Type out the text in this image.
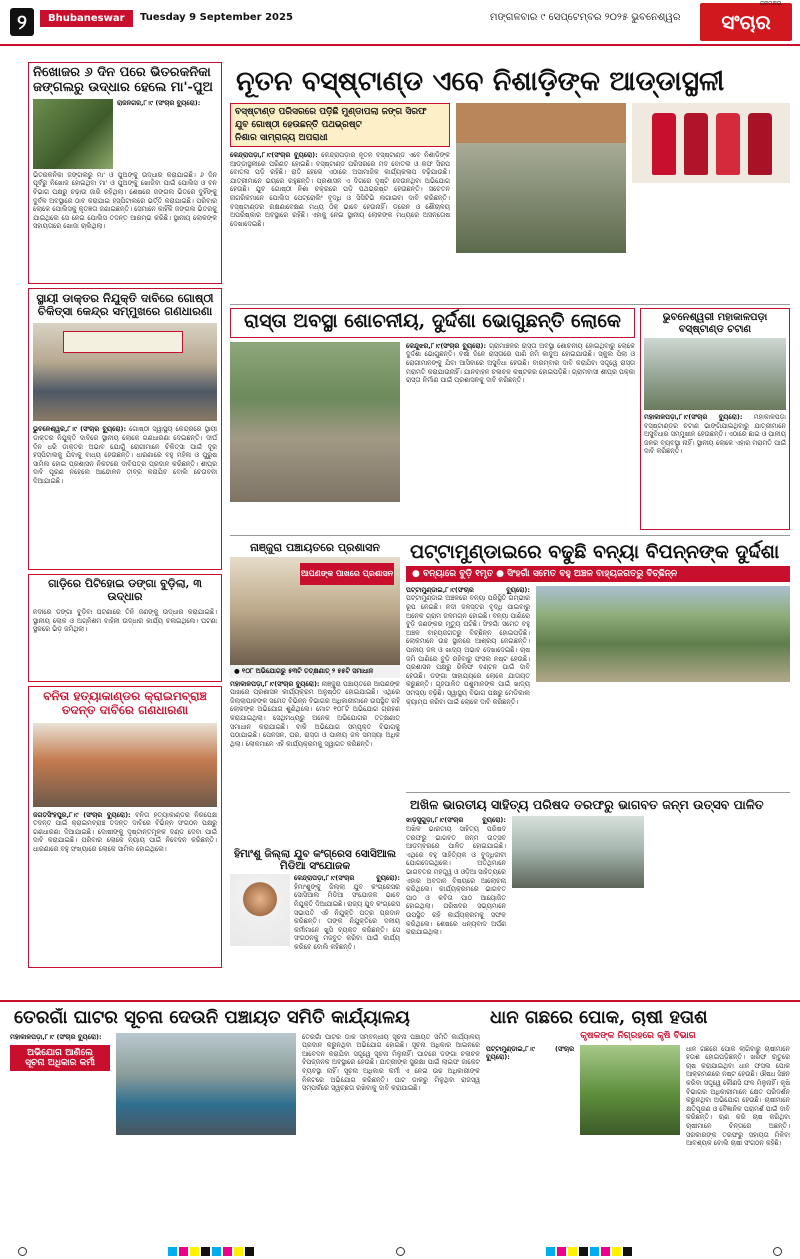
୨	Bhubaneswar	Tuesday 9 September 2025	ମଙ୍ଗଳବାର ୯ ସେପ୍ଟେମ୍ବର ୨୦୨୫ ଭୁବନେଶ୍ୱର	ସଂଚାର
ଜନମନର
ନିଖୋଜର ୬ ଦିନ ପରେ ଭିତରକନିକା ଜଙ୍ଗଲରୁ ଉଦ୍ଧାର ହେଲେ ମା'-ପୁଅ
ରାଜନଗର,୮।୯ (ସଂଚାର ବ୍ୟୁରୋ):
ଭିତରକନିକା ଜଙ୍ଗଲରୁ ମା' ଓ ପୁଅଙ୍କୁ ଉଦ୍ଧାର କରାଯାଇଛି। ୬ ଦିନ ପୂର୍ବରୁ ନିଖୋଜ ହୋଇଥିବା ମା' ଓ ପୁଅଙ୍କୁ ଖୋଜିବା ପାଇଁ ପୋଲିସ ଓ ବନ ବିଭାଗ ପକ୍ଷରୁ ଚଢ଼ାଉ ଜାରି ରହିଥିଲା। ଶେଷରେ ଜଙ୍ଗଲ ଭିତରେ ଦୁହିଁଙ୍କୁ ଦୁର୍ବଳ ଅବସ୍ଥାରେ ଠାବ କରାଯାଇ ହସ୍ପିଟାଲରେ ଭର୍ତ୍ତି କରାଯାଇଛି। ପରିବାର ଲୋକେ ପୋଲିସକୁ କୃତଜ୍ଞତା ଜଣାଇଛନ୍ତି। ସେମାନେ କାହିଁକି ଜଙ୍ଗଲ ଭିତରକୁ ଯାଇଥିଲେ ସେ ନେଇ ପୋଲିସ ତଦନ୍ତ ଆରମ୍ଭ କରିଛି। ସ୍ଥାନୀୟ ଲୋକଙ୍କ ସହାୟତାରେ ଖୋଜା ଚାଲିଥିଲା।
ସ୍ଥାୟୀ ଡାକ୍ତର ନିଯୁକ୍ତି ଦାବିରେ ଗୋଷ୍ଠୀ ଚିକିତ୍ସା କେନ୍ଦ୍ର ସମ୍ମୁଖରେ ଗଣଧାରଣା
ଭୁବନେଶ୍ୱର,୮।୯ (ସଂଚାର ବ୍ୟୁରୋ): ଗୋଷ୍ଠୀ ସ୍ୱାସ୍ଥ୍ୟ କେନ୍ଦ୍ରରେ ସ୍ଥାୟୀ ଡାକ୍ତର ନିଯୁକ୍ତି ଦାବିରେ ସ୍ଥାନୀୟ ଲୋକେ ଗଣଧାରଣା ଦେଇଛନ୍ତି। ଦୀର୍ଘ ଦିନ ଧରି ଡାକ୍ତର ଅଭାବ ଯୋଗୁଁ ରୋଗୀମାନେ ଚିକିତ୍ସା ପାଇଁ ଦୂର ହସ୍ପିଟାଲକୁ ଯିବାକୁ ବାଧ୍ୟ ହେଉଛନ୍ତି। ଧାରଣାରେ ବହୁ ମହିଳା ଓ ପୁରୁଷ ସାମିଲ ହୋଇ ପ୍ରଶାସନ ନିକଟରେ ଦାବିପତ୍ର ପ୍ରଦାନ କରିଛନ୍ତି। ଶୀଘ୍ର ଦାବି ପୂରଣ ନହେଲେ ଆନ୍ଦୋଳନ ତୀବ୍ର କରାଯିବ ବୋଲି ଚେତାବନୀ ଦିଆଯାଇଛି।
ଗାଡ଼ିରେ ପିଟିହୋଇ ଡଙ୍ଗା ବୁଡ଼ିଲା, ୩ ଉଦ୍ଧାର
ନଦୀରେ ଡଙ୍ଗା ବୁଡ଼ିବା ଘଟଣାରେ ତିନି ଜଣଙ୍କୁ ଉଦ୍ଧାର କରାଯାଇଛି। ସ୍ଥାନୀୟ ଲୋକ ଓ ଅଗ୍ନିଶମ ବାହିନୀ ଉଦ୍ଧାର କାର୍ଯ୍ୟ ଚଳାଇଥିଲେ। ଘଟଣା ସ୍ଥଳରେ ଭିଡ଼ ଜମିଥିଲା।
ବନିତା ହତ୍ୟାକାଣ୍ଡର କ୍ରାଇମବ୍ରାଞ୍ଚ ତଦନ୍ତ ଦାବିରେ ଗଣଧାରଣା
ଜଗତସିଂହପୁର,୮।୯ (ସଂଚାର ବ୍ୟୁରୋ): ବନିତା ହତ୍ୟାକାଣ୍ଡର ନିରପେକ୍ଷ ତଦନ୍ତ ପାଇଁ କ୍ରାଇମବ୍ରାଞ୍ଚ ତଦନ୍ତ ଦାବିରେ ବିଭିନ୍ନ ସଂଗଠନ ପକ୍ଷରୁ ଗଣଧାରଣା ଦିଆଯାଇଛି। ଦୋଷୀଙ୍କୁ ଦୃଷ୍ଟାନ୍ତମୂଳକ ଦଣ୍ଡ ଦେବା ପାଇଁ ଦାବି କରାଯାଇଛି। ପରିବାର ଲୋକେ ନ୍ୟାୟ ପାଇଁ ନିବେଦନ କରିଛନ୍ତି। ଧାରଣାରେ ବହୁ ସଂଖ୍ୟାରେ ଲୋକେ ସାମିଲ ହୋଇଥିଲେ।
ନୂତନ ବସ୍‌ଷ୍ଟାଣ୍ଡ ଏବେ ନିଶାଡ଼ିଙ୍କ ଆଡ୍ଡାସ୍ଥଳୀ
ବସ୍‌ଷ୍ଟାଣ୍ଡ ପରିସରରେ ପଡ଼ିଛି ମୁଣ୍ଡାପଲା ଜଙ୍ଗ ସିରଫ
ଯୁବ ଗୋଷ୍ଠୀ ହେଉଛନ୍ତି ପଥଭ୍ରଷ୍ଟ
ନିଶାର ସାମ୍ରାଜ୍ୟ ଅପରାଧୀ
କେନ୍ଦ୍ରାପଡ଼ା,୮।୯(ସଂଚାର ବ୍ୟୁରୋ): କେନ୍ଦ୍ରାପଡ଼ାର ନୂତନ ବସ୍‌ଷ୍ଟାଣ୍ଡ ଏବେ ନିଶାଡ଼ିଙ୍କ ଆଡ୍ଡାସ୍ଥଳୀରେ ପରିଣତ ହୋଇଛି। ବସ୍‌ଷ୍ଟାଣ୍ଡ ପରିସରରେ ମଦ ବୋତଲ ଓ କଫ ସିରପ ବୋତଲ ପଡ଼ି ରହିଛି। ରାତି ହେଲେ ଏଠାରେ ଅସାମାଜିକ କାର୍ଯ୍ୟକଳାପ ବଢ଼ିଯାଉଛି। ଯାତ୍ରୀମାନେ ଭୟରେ ରହୁଛନ୍ତି। ପ୍ରଶାସନ ଏ ଦିଗରେ ଦୃଷ୍ଟି ଦେଉନଥିବା ଅଭିଯୋଗ ହେଉଛି। ଯୁବ ଗୋଷ୍ଠୀ ନିଶା ଚକ୍ରରେ ପଡ଼ି ପଥଭ୍ରଷ୍ଟ ହେଉଛନ୍ତି। ସଚେତନ ନାଗରିକମାନେ ପୋଲିସ ପେଟ୍ରୋଲିଂ ବୃଦ୍ଧି ଓ ସିସିଟିଭି ଲଗାଇବା ଦାବି କରିଛନ୍ତି। ବସ୍‌ଷ୍ଟାଣ୍ଡର ରକ୍ଷଣାବେକ୍ଷଣ ମଧ୍ୟ ଠିକ୍ ଭାବେ ହେଉନାହିଁ। ଡ୍ରେନ ଓ ଶୌଚାଳୟ ଅପରିଷ୍କାର ଅବସ୍ଥାରେ ରହିଛି। ଏହାକୁ ନେଇ ସ୍ଥାନୀୟ ଲୋକଙ୍କ ମଧ୍ୟରେ ଅସନ୍ତୋଷ ଦେଖାଦେଇଛି।
ରାସ୍ତା ଅବସ୍ଥା ଶୋଚନୀୟ, ଦୁର୍ଦ୍ଦଶା ଭୋଗୁଛନ୍ତି ଲୋକେ
କେନ୍ଦୁଝର,୮।୯(ସଂଚାର ବ୍ୟୁରୋ): ଗ୍ରାମାଞ୍ଚଳର ରାସ୍ତା ଅବସ୍ଥା ଶୋଚନୀୟ ହୋଇଥିବାରୁ ଲୋକେ ଦୁର୍ଦ୍ଦଶା ଭୋଗୁଛନ୍ତି। ବର୍ଷା ଦିନେ ରାସ୍ତାରେ ପାଣି ଜମି କାଦୁଅ ହୋଇଯାଉଛି। ସ୍କୁଲ ପିଲା ଓ ରୋଗୀମାନଙ୍କୁ ଯିବା ଆସିବାରେ ଅସୁବିଧା ହେଉଛି। ବାରମ୍ବାର ଦାବି କରାଯିବା ସତ୍ତ୍ୱେ ରାସ୍ତା ମରାମତି କରାଯାଉନାହିଁ। ଯାନବାହନ ଚଳାଚଳ କଷ୍ଟକର ହୋଇପଡ଼ିଛି। ଗ୍ରାମବାସୀ ଶୀଘ୍ର ପକ୍କା ରାସ୍ତା ନିର୍ମାଣ ପାଇଁ ପ୍ରଶାସନକୁ ଦାବି କରିଛନ୍ତି।
ଭୁବନେଶ୍ୱରୀ ମହାକାଳପଡ଼ା ବସ୍‌ଷ୍ଟାଣ୍ଡ ଚଟାଣ
ମହାକାଳପଡ଼ା,୮।୯(ସଂଚାର ବ୍ୟୁରୋ): ମହାକାଳପଡ଼ା ବସ୍‌ଷ୍ଟାଣ୍ଡର ଚଟାଣ ଭାଙ୍ଗିଯାଇଥିବାରୁ ଯାତ୍ରୀମାନେ ଅସୁବିଧାର ସମ୍ମୁଖୀନ ହେଉଛନ୍ତି। ଏଠାରେ ଛାଇ ଓ ପାନୀୟ ଜଳର ବ୍ୟବସ୍ଥା ନାହିଁ। ସ୍ଥାନୀୟ ଲୋକେ ଏହାର ମରାମତି ପାଇଁ ଦାବି କରିଛନ୍ତି।
ନାଞ୍ଜୁରା ପଞ୍ଚାୟତରେ ପ୍ରଶାସନ
ଆପଣଙ୍କ ପାଖରେ ପ୍ରଶାସନ
● ୧୦୮ ଅଭିଯୋଗରୁ ୫୩ଟି ତତ୍କ୍ଷଣାତ୍ ୨ ୫୫ଟି ସମାଧାନ
ମହାକାଳପଡ଼ା,୮।୯(ସଂଚାର ବ୍ୟୁରୋ): ନାଞ୍ଜୁରା ପଞ୍ଚାୟତରେ ଆପଣଙ୍କ ପାଖରେ ପ୍ରଶାସନ କାର୍ଯ୍ୟକ୍ରମ ଅନୁଷ୍ଠିତ ହୋଇଯାଇଛି। ଏଥିରେ ଜିଲ୍ଲାପାଳଙ୍କ ସମେତ ବିଭିନ୍ନ ବିଭାଗର ଅଧିକାରୀମାନେ ଉପସ୍ଥିତ ରହି ଲୋକଙ୍କ ଅଭିଯୋଗ ଶୁଣିଥିଲେ। ମୋଟ ୧୦୮ଟି ଅଭିଯୋଗ ଗ୍ରହଣ କରାଯାଇଥିଲା। ସେଥିମଧ୍ୟରୁ ଅନେକ ଅଭିଯୋଗର ତତ୍କ୍ଷଣାତ୍ ସମାଧାନ କରାଯାଇଛି। ବାକି ଅଭିଯୋଗ ସମ୍ପୃକ୍ତ ବିଭାଗକୁ ପଠାଯାଇଛି। ପେନସନ, ଘର, ରାସ୍ତା ଓ ପାନୀୟ ଜଳ ସମସ୍ୟା ଅଧିକ ଥିଲା। ଲୋକମାନେ ଏହି କାର୍ଯ୍ୟକ୍ରମକୁ ସ୍ୱାଗତ କରିଛନ୍ତି।
ହିମାଂଶୁ ଜିଲ୍ଲା ଯୁବ କଂଗ୍ରେସ ସୋସିଆଲ ମିଡିଆ ସଂଯୋଜକ
କେନ୍ଦ୍ରାପଡ଼ା,୮।୯(ସଂଚାର ବ୍ୟୁରୋ): ହିମାଂଶୁଙ୍କୁ ଜିଲ୍ଲା ଯୁବ କଂଗ୍ରେସର ସୋସିଆଲ ମିଡିଆ ସଂଯୋଜକ ଭାବେ ନିଯୁକ୍ତି ଦିଆଯାଇଛି। ରାଜ୍ୟ ଯୁବ କଂଗ୍ରେସ ସଭାପତି ଏହି ନିଯୁକ୍ତି ପତ୍ର ପ୍ରଦାନ କରିଛନ୍ତି। ତାଙ୍କ ନିଯୁକ୍ତିରେ ଦଳୀୟ କର୍ମୀମାନେ ଖୁସି ବ୍ୟକ୍ତ କରିଛନ୍ତି। ସେ ସଂଗଠନକୁ ମଜବୁତ କରିବା ପାଇଁ କାର୍ଯ୍ୟ କରିବେ ବୋଲି କହିଛନ୍ତି।
ପଟ୍ଟାମୁଣ୍ଡାଇରେ ବଢୁଛି ବନ୍ୟା ବିପନ୍ନଙ୍କ ଦୁର୍ଦ୍ଦଶା
● ବନ୍ୟାରେ ବୁଡ଼ି ୧ମୃତ ● ସିଂହଗାଁ ସମେତ ବହୁ ଅଞ୍ଚଳ ବାହ୍ୟଜଗତରୁ ବିଚ୍ଛିନ୍ନ
ପଟ୍ଟାମୁଣ୍ଡାଇ,୮।୯(ସଂଚାର ବ୍ୟୁରୋ): ପଟ୍ଟାମୁଣ୍ଡାଇ ଅଞ୍ଚଳରେ ବନ୍ୟା ପରିସ୍ଥିତି ଗମ୍ଭୀର ରୂପ ନେଇଛି। ନଦୀ ଜଳସ୍ତର ବୃଦ୍ଧି ପାଇବାରୁ ଅନେକ ଗ୍ରାମ ଜଳମଗ୍ନ ହୋଇଛି। ବନ୍ୟା ପାଣିରେ ବୁଡ଼ି ଜଣଙ୍କର ମୃତ୍ୟୁ ଘଟିଛି। ସିଂହଗାଁ ସମେତ ବହୁ ଅଞ୍ଚଳ ବାହ୍ୟଜଗତରୁ ବିଚ୍ଛିନ୍ନ ହୋଇପଡ଼ିଛି। ଲୋକମାନେ ଉଚ୍ଚ ସ୍ଥାନରେ ଆଶ୍ରୟ ନେଇଛନ୍ତି। ପାନୀୟ ଜଳ ଓ ଖାଦ୍ୟ ଅଭାବ ଦେଖାଦେଇଛି। ଚାଷ ଜମି ପାଣିରେ ବୁଡ଼ି ରହିବାରୁ ଫସଲ ନଷ୍ଟ ହେଉଛି। ପ୍ରଶାସନ ପକ୍ଷରୁ ରିଲିଫ ବଣ୍ଟନ ପାଇଁ ଦାବି ହେଉଛି। ଡଙ୍ଗା ସାହାଯ୍ୟରେ ଲୋକେ ଯାତାୟତ କରୁଛନ୍ତି। ଗୃହପାଳିତ ପଶୁମାନଙ୍କ ପାଇଁ ଖାଦ୍ୟ ସମସ୍ୟା ବଢ଼ିଛି। ସ୍ୱାସ୍ଥ୍ୟ ବିଭାଗ ପକ୍ଷରୁ ମେଡିକାଲ କ୍ୟାମ୍ପ କରିବା ପାଇଁ ଲୋକେ ଦାବି କରିଛନ୍ତି।
ଅଖିଳ ଭାରତୀୟ ସାହିତ୍ୟ ପରିଷଦ ତରଫରୁ ଭାଗବତ ଜନ୍ମ ଉତ୍ସବ ପାଳିତ
ଝାଡ଼ସୁଗୁଡ଼ା,୮।୯(ସଂଚାର ବ୍ୟୁରୋ): ଅଖିଳ ଭାରତୀୟ ସାହିତ୍ୟ ପରିଷଦ ତରଫରୁ ଭାଗବତ ଜନ୍ମ ଉତ୍ସବ ଆଡ଼ମ୍ବରରେ ପାଳିତ ହୋଇଯାଇଛି। ଏଥିରେ ବହୁ ସାହିତ୍ୟିକ ଓ ବୁଦ୍ଧିଜୀବୀ ଯୋଗଦେଇଥିଲେ। ଅତିଥିମାନେ ଭାଗବତର ମହତ୍ତ୍ୱ ଓ ଓଡ଼ିଆ ସାହିତ୍ୟରେ ଏହାର ଅବଦାନ ବିଷୟରେ ଆଲୋଚନା କରିଥିଲେ। କାର୍ଯ୍ୟକ୍ରମରେ ଭାଗବତ ପାଠ ଓ କବିତା ପାଠ ଆୟୋଜିତ ହୋଇଥିଲା। ପରିଷଦର ସଭ୍ୟମାନେ ଉପସ୍ଥିତ ରହି କାର୍ଯ୍ୟକ୍ରମକୁ ସଫଳ କରିଥିଲେ। ଶେଷରେ ଧନ୍ୟବାଦ ଅର୍ପଣ କରାଯାଇଥିଲା।
ତେରଗାଁ ଘାଟର ସୂଚନା ଦେଉନି ପଞ୍ଚାୟତ ସମିତି କାର୍ଯ୍ୟାଳୟ
ମହାକାଳପଡ଼ା,୮।୯ (ସଂଚାର ବ୍ୟୁରୋ):
ଅଭିଯୋଗ ଆଣିଲେ ସୂଚନା ଅଧିକାର କର୍ମୀ
ତେରଗାଁ ଘାଟର ଡାକ ସମ୍ବନ୍ଧୀୟ ସୂଚନା ପଞ୍ଚାୟତ ସମିତି କାର୍ଯ୍ୟାଳୟ ପ୍ରଦାନ କରୁନଥିବା ଅଭିଯୋଗ ହୋଇଛି। ସୂଚନା ଅଧିକାର ଆଇନରେ ଆବେଦନ କରାଯିବା ସତ୍ତ୍ୱେ ସୂଚନା ମିଳୁନାହିଁ। ଘାଟରେ ଡଙ୍ଗା ଚଳାଚଳ ବିପଜ୍ଜନକ ଅବସ୍ଥାରେ ହେଉଛି। ଯାତ୍ରୀଙ୍କ ସୁରକ୍ଷା ପାଇଁ ଲାଇଫ ଜାକେଟ ବ୍ୟବସ୍ଥା ନାହିଁ। ସୂଚନା ଅଧିକାର କର୍ମୀ ଏ ନେଇ ଉଚ୍ଚ ଅଧିକାରୀଙ୍କ ନିକଟରେ ଅଭିଯୋଗ କରିଛନ୍ତି। ଘାଟ ଡାକରୁ ମିଳୁଥିବା ରାଜସ୍ୱ ସମ୍ପର୍କରେ ସ୍ୱଚ୍ଛତା ରଖିବାକୁ ଦାବି କରାଯାଇଛି।
ଧାନ ଗଛରେ ପୋକ, ଚାଷୀ ହତାଶ
କୃଷକଙ୍କ ନିଗ୍ରହରେ କୃଷି ବିଭାଗ
ପଟ୍ଟାମୁଣ୍ଡାଇ,୮।୯ (ସଂଚାର ବ୍ୟୁରୋ):
ଧାନ ଗଛରେ ପୋକ ଲାଗିବାରୁ ଚାଷୀମାନେ ହତାଶ ହୋଇପଡ଼ିଛନ୍ତି। ଖରିଫ ଋତୁରେ ଚାଷ କରାଯାଇଥିବା ଧାନ ଫସଲ ପୋକ ଆକ୍ରମଣରେ ନଷ୍ଟ ହେଉଛି। ଔଷଧ ସିଞ୍ଚନ କରିବା ସତ୍ତ୍ୱେ କୌଣସି ଫଳ ମିଳୁନାହିଁ। କୃଷି ବିଭାଗର ଅଧିକାରୀମାନେ କ୍ଷେତ ପରିଦର୍ଶନ କରୁନଥିବା ଅଭିଯୋଗ ହେଉଛି। ଚାଷୀମାନେ କ୍ଷତିପୂରଣ ଓ ବୈଜ୍ଞାନିକ ପରାମର୍ଶ ପାଇଁ ଦାବି କରିଛନ୍ତି। ଋଣ କରି ଚାଷ କରିଥିବା ଚାଷୀମାନେ ଚିନ୍ତାରେ ଅଛନ୍ତି। ସରକାରଙ୍କ ତରଫରୁ ସହାୟତା ମିଳିବା ଆବଶ୍ୟକ ବୋଲି ଚାଷୀ ସଂଗଠନ କହିଛି।
